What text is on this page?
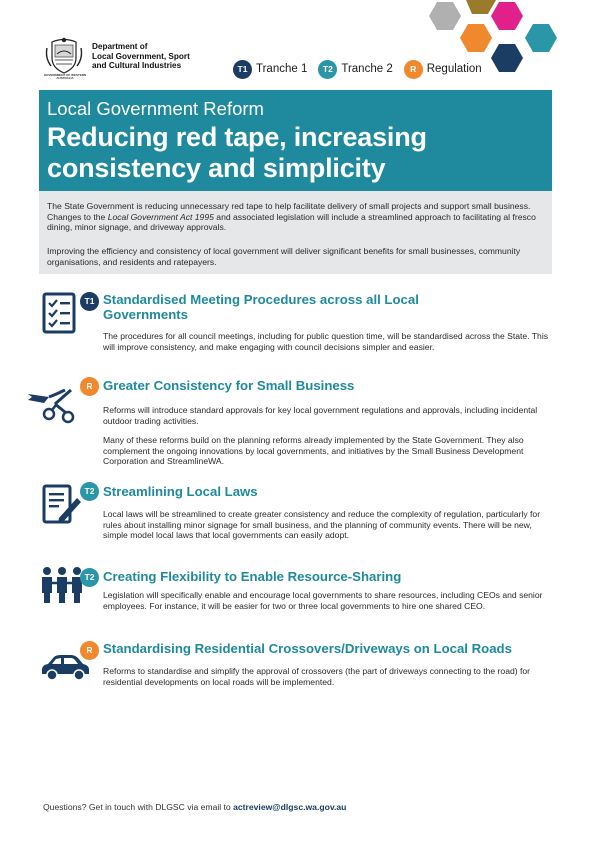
GOVERNMENT OF WESTERN AUSTRALIA
Department of
Local Government, Sport
and Cultural Industries	T1 Tranche 1	T2 Tranche 2	R Regulation
Local Government Reform
Reducing red tape, increasing consistency and simplicity

The State Government is reducing unnecessary red tape to help facilitate delivery of small projects and support small business. Changes to the Local Government Act 1995 and associated legislation will include a streamlined approach to facilitating al fresco dining, minor signage, and driveway approvals.

Improving the efficiency and consistency of local government will deliver significant benefits for small businesses, community organisations, and residents and ratepayers.

T1 Standardised Meeting Procedures across all Local Governments

The procedures for all council meetings, including for public question time, will be standardised across the State. This will improve consistency, and make engaging with council decisions simpler and easier.

R Greater Consistency for Small Business

Reforms will introduce standard approvals for key local government regulations and approvals, including incidental outdoor trading activities.

Many of these reforms build on the planning reforms already implemented by the State Government. They also complement the ongoing innovations by local governments, and initiatives by the Small Business Development Corporation and StreamlineWA.

T2 Streamlining Local Laws

Local laws will be streamlined to create greater consistency and reduce the complexity of regulation, particularly for rules about installing minor signage for small business, and the planning of community events. There will be new, simple model local laws that local governments can easily adopt.

T2 Creating Flexibility to Enable Resource-Sharing

Legislation will specifically enable and encourage local governments to share resources, including CEOs and senior employees. For instance, it will be easier for two or three local governments to hire one shared CEO.

R Standardising Residential Crossovers/Driveways on Local Roads

Reforms to standardise and simplify the approval of crossovers (the part of driveways connecting to the road) for residential developments on local roads will be implemented.

Questions? Get in touch with DLGSC via email to actreview@dlgsc.wa.gov.au
